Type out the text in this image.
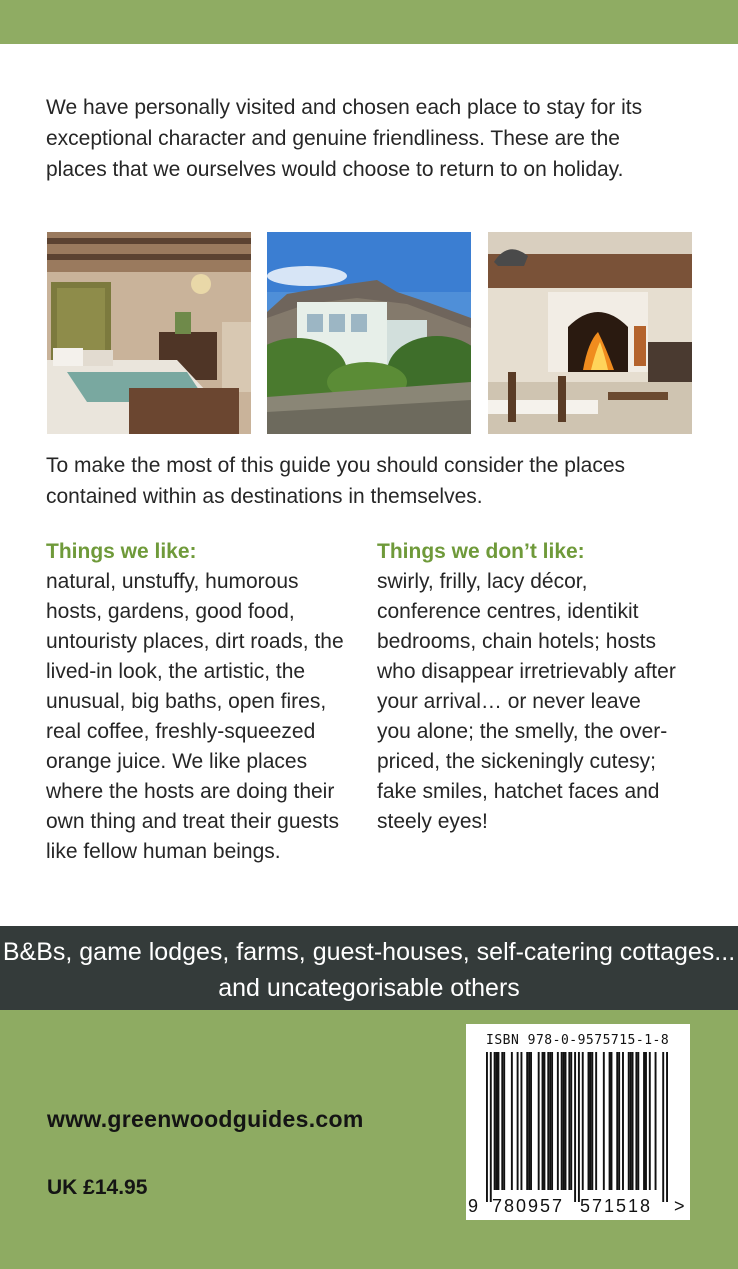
We have personally visited and chosen each place to stay for its exceptional character and genuine friendliness. These are the places that we ourselves would choose to return to on holiday.

To make the most of this guide you should consider the places contained within as destinations in themselves.

Things we like:

natural, unstuffy, humorous hosts, gardens, good food, untouristy places, dirt roads, the lived-in look, the artistic, the unusual, big baths, open fires, real coffee, freshly-squeezed orange juice. We like places where the hosts are doing their own thing and treat their guests like fellow human beings.

Things we don’t like:

swirly, frilly, lacy décor, conference centres, identikit bedrooms, chain hotels; hosts who disappear irretrievably after your arrival… or never leave you alone; the smelly, the over-priced, the sickeningly cutesy; fake smiles, hatchet faces and steely eyes!

B&Bs, game lodges, farms, guest-houses, self-catering cottages... and uncategorisable others

www.greenwoodguides.com

UK £14.95

ISBN 978-0-9575715-1-8

9 780957 571518 >
